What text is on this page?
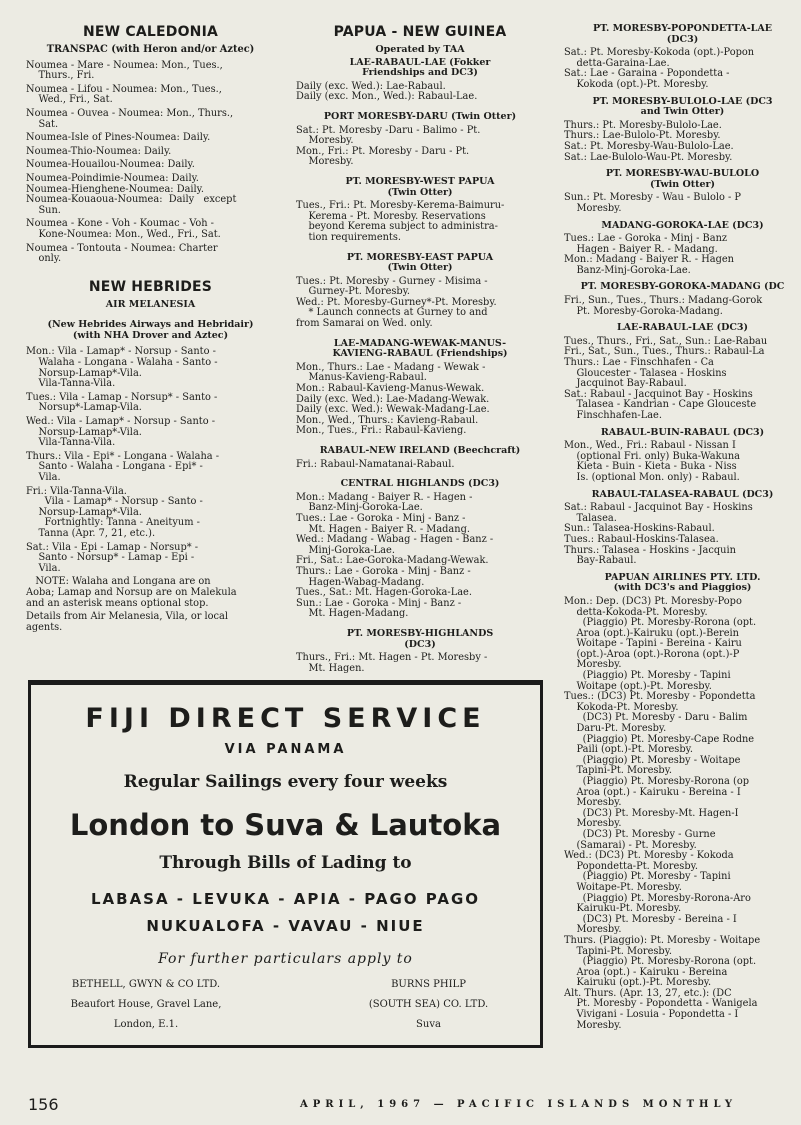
NEW CALEDONIA
TRANSPAC (with Heron and/or Aztec)
Noumea - Mare - Noumea: Mon., Tues.,
Thurs., Fri.
Noumea - Lifou - Noumea: Mon., Tues.,
Wed., Fri., Sat.
Noumea - Ouvea - Noumea: Mon., Thurs.,
Sat.
Noumea-Isle of Pines-Noumea: Daily.
Noumea-Thio-Noumea: Daily.
Noumea-Houailou-Noumea: Daily.
Noumea-Poindimie-Noumea: Daily.
Noumea-Hienghene-Noumea: Daily.
Noumea-Kouaoua-Noumea:  Daily   except
Sun.
Noumea - Kone - Voh - Koumac - Voh -
Kone-Noumea: Mon., Wed., Fri., Sat.
Noumea - Tontouta - Noumea: Charter
only.
NEW HEBRIDES
AIR MELANESIA
(New Hebrides Airways and Hebridair)
(with NHA Drover and Aztec)
Mon.: Vila - Lamap* - Norsup - Santo -
Walaha - Longana - Walaha - Santo -
Norsup-Lamap*-Vila.
Vila-Tanna-Vila.
Tues.: Vila - Lamap - Norsup* - Santo -
Norsup*-Lamap-Vila.
Wed.: Vila - Lamap* - Norsup - Santo -
Norsup-Lamap*-Vila.
Vila-Tanna-Vila.
Thurs.: Vila - Epi* - Longana - Walaha -
Santo - Walaha - Longana - Epi* -
Vila.
Fri.: Vila-Tanna-Vila.
Vila - Lamap* - Norsup - Santo -
Norsup-Lamap*-Vila.
Fortnightly: Tanna - Aneityum -
Tanna (Apr. 7, 21, etc.).
Sat.: Vila - Epi - Lamap - Norsup* -
Santo - Norsup* - Lamap - Epi -
Vila.
NOTE: Walaha and Longana are on
Aoba; Lamap and Norsup are on Malekula
and an asterisk means optional stop.
Details from Air Melanesia, Vila, or local
agents.
PAPUA - NEW GUINEA
Operated by TAA
LAE-RABAUL-LAE (Fokker
Friendships and DC3)
Daily (exc. Wed.): Lae-Rabaul.
Daily (exc. Mon., Wed.): Rabaul-Lae.
PORT MORESBY-DARU (Twin Otter)
Sat.: Pt. Moresby -Daru - Balimo - Pt.
Moresby.
Mon., Fri.: Pt. Moresby - Daru - Pt.
Moresby.
PT. MORESBY-WEST PAPUA
(Twin Otter)
Tues., Fri.: Pt. Moresby-Kerema-Baimuru-
Kerema - Pt. Moresby. Reservations
beyond Kerema subject to administra-
tion requirements.
PT. MORESBY-EAST PAPUA
(Twin Otter)
Tues.: Pt. Moresby - Gurney - Misima -
Gurney-Pt. Moresby.
Wed.: Pt. Moresby-Gurney*-Pt. Moresby.
* Launch connects at Gurney to and
from Samarai on Wed. only.
LAE-MADANG-WEWAK-MANUS-
KAVIENG-RABAUL (Friendships)
Mon., Thurs.: Lae - Madang - Wewak -
Manus-Kavieng-Rabaul.
Mon.: Rabaul-Kavieng-Manus-Wewak.
Daily (exc. Wed.): Lae-Madang-Wewak.
Daily (exc. Wed.): Wewak-Madang-Lae.
Mon., Wed., Thurs.: Kavieng-Rabaul.
Mon., Tues., Fri.: Rabaul-Kavieng.
RABAUL-NEW IRELAND (Beechcraft)
Fri.: Rabaul-Namatanai-Rabaul.
CENTRAL HIGHLANDS (DC3)
Mon.: Madang - Baiyer R. - Hagen -
Banz-Minj-Goroka-Lae.
Tues.: Lae - Goroka - Minj - Banz -
Mt. Hagen - Baiyer R. - Madang.
Wed.: Madang - Wabag - Hagen - Banz -
Minj-Goroka-Lae.
Fri., Sat.: Lae-Goroka-Madang-Wewak.
Thurs.: Lae - Goroka - Minj - Banz -
Hagen-Wabag-Madang.
Tues., Sat.: Mt. Hagen-Goroka-Lae.
Sun.: Lae - Goroka - Minj - Banz -
Mt. Hagen-Madang.
PT. MORESBY-HIGHLANDS
(DC3)
Thurs., Fri.: Mt. Hagen - Pt. Moresby -
Mt. Hagen.
PT. MORESBY-POPONDETTA-LAE
(DC3)
Sat.: Pt. Moresby-Kokoda (opt.)-Popon
detta-Garaina-Lae.
Sat.: Lae - Garaina - Popondetta -
Kokoda (opt.)-Pt. Moresby.
PT. MORESBY-BULOLO-LAE (DC3
and Twin Otter)
Thurs.: Pt. Moresby-Bulolo-Lae.
Thurs.: Lae-Bulolo-Pt. Moresby.
Sat.: Pt. Moresby-Wau-Bulolo-Lae.
Sat.: Lae-Bulolo-Wau-Pt. Moresby.
PT. MORESBY-WAU-BULOLO
(Twin Otter)
Sun.: Pt. Moresby - Wau - Bulolo - P
Moresby.
MADANG-GOROKA-LAE (DC3)
Tues.: Lae - Goroka - Minj - Banz
Hagen - Baiyer R. - Madang.
Mon.: Madang - Baiyer R. - Hagen
Banz-Minj-Goroka-Lae.
PT. MORESBY-GOROKA-MADANG (DC
Fri., Sun., Tues., Thurs.: Madang-Gorok
Pt. Moresby-Goroka-Madang.
LAE-RABAUL-LAE (DC3)
Tues., Thurs., Fri., Sat., Sun.: Lae-Rabau
Fri., Sat., Sun., Tues., Thurs.: Rabaul-La
Thurs.: Lae - Finschhafen - Ca
Gloucester - Talasea - Hoskins
Jacquinot Bay-Rabaul.
Sat.: Rabaul - Jacquinot Bay - Hoskins
Talasea - Kandrian - Cape Glouceste
Finschhafen-Lae.
RABAUL-BUIN-RABAUL (DC3)
Mon., Wed., Fri.: Rabaul - Nissan I
(optional Fri. only) Buka-Wakuna
Kieta - Buin - Kieta - Buka - Niss
Is. (optional Mon. only) - Rabaul.
RABAUL-TALASEA-RABAUL (DC3)
Sat.: Rabaul - Jacquinot Bay - Hoskins
Talasea.
Sun.: Talasea-Hoskins-Rabaul.
Tues.: Rabaul-Hoskins-Talasea.
Thurs.: Talasea - Hoskins - Jacquin
Bay-Rabaul.
PAPUAN AIRLINES PTY. LTD.
(with DC3's and Piaggios)
Mon.: Dep. (DC3) Pt. Moresby-Popo
detta-Kokoda-Pt. Moresby.
(Piaggio) Pt. Moresby-Rorona (opt.
Aroa (opt.)-Kairuku (opt.)-Berein
Woitape - Tapini - Bereina - Kairu
(opt.)-Aroa (opt.)-Rorona (opt.)-P
Moresby.
(Piaggio) Pt. Moresby - Tapini
Woitape (opt.)-Pt. Moresby.
Tues.: (DC3) Pt. Moresby - Popondetta
Kokoda-Pt. Moresby.
(DC3) Pt. Moresby - Daru - Balim
Daru-Pt. Moresby.
(Piaggio) Pt. Moresby-Cape Rodne
Paili (opt.)-Pt. Moresby.
(Piaggio) Pt. Moresby - Woitape
Tapini-Pt. Moresby.
(Piaggio) Pt. Moresby-Rorona (op
Aroa (opt.) - Kairuku - Bereina - I
Moresby.
(DC3) Pt. Moresby-Mt. Hagen-I
Moresby.
(DC3) Pt. Moresby - Gurne
(Samarai) - Pt. Moresby.
Wed.: (DC3) Pt. Moresby - Kokoda
Popondetta-Pt. Moresby.
(Piaggio) Pt. Moresby - Tapini
Woitape-Pt. Moresby.
(Piaggio) Pt. Moresby-Rorona-Aro
Kairuku-Pt. Moresby.
(DC3) Pt. Moresby - Bereina - I
Moresby.
Thurs. (Piaggio): Pt. Moresby - Woitape
Tapini-Pt. Moresby.
(Piaggio) Pt. Moresby-Rorona (opt.
Aroa (opt.) - Kairuku - Bereina
Kairuku (opt.)-Pt. Moresby.
Alt. Thurs. (Apr. 13, 27, etc.): (DC
Pt. Moresby - Popondetta - Wanigela
Vivigani - Losuia - Popondetta - I
Moresby.
FIJI DIRECT SERVICE
VIA PANAMA
Regular Sailings every four weeks
London to Suva & Lautoka
Through Bills of Lading to
LABASA - LEVUKA - APIA - PAGO PAGO
NUKUALOFA - VAVAU - NIUE
For further particulars apply to
BETHELL, GWYN & CO LTD.
Beaufort House, Gravel Lane,
London, E.1.
BURNS PHILP
(SOUTH SEA) CO. LTD.
Suva
156	APRIL, 1967 — PACIFIC ISLANDS MONTHLY
